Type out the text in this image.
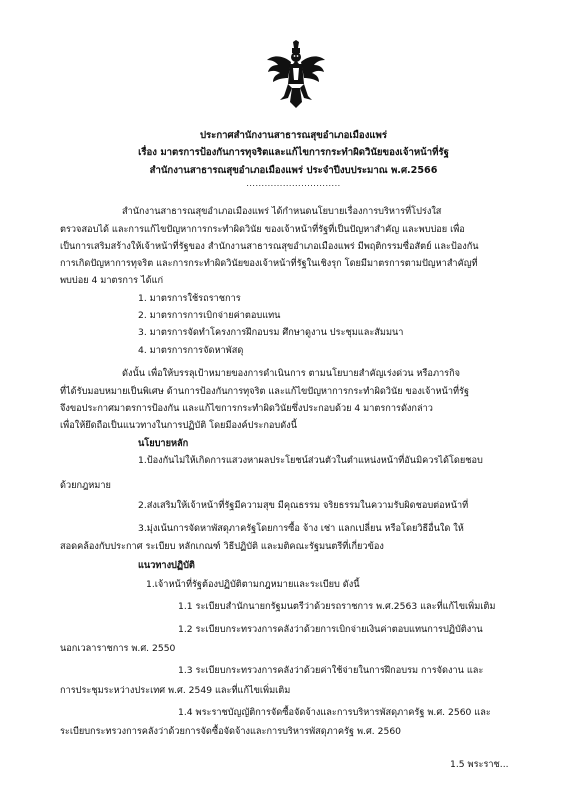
ประกาศสำนักงานสาธารณสุขอำเภอเมืองแพร่
เรื่อง มาตรการป้องกันการทุจริตและแก้ไขการกระทำผิดวินัยของเจ้าหน้าที่รัฐ
สำนักงานสาธารณสุขอำเภอเมืองแพร่ ประจำปีงบประมาณ พ.ศ.2566
...............................
สำนักงานสาธารณสุขอำเภอเมืองแพร่ ได้กำหนดนโยบายเรื่องการบริหารที่โปร่งใส
ตรวจสอบได้ และการแก้ไขปัญหาการกระทำผิดวินัย ของเจ้าหน้าที่รัฐที่เป็นปัญหาสำคัญ และพบบ่อย เพื่อ
เป็นการเสริมสร้างให้เจ้าหน้าที่รัฐของ สำนักงานสาธารณสุขอำเภอเมืองแพร่ มีพฤติกรรมซื่อสัตย์ และป้องกัน
การเกิดปัญหาการทุจริต และการกระทำผิดวินัยของเจ้าหน้าที่รัฐในเชิงรุก โดยมีมาตรการตามปัญหาสำคัญที่
พบบ่อย 4 มาตรการ ได้แก่
1. มาตรการใช้รถราชการ
2. มาตรการการเบิกจ่ายค่าตอบแทน
3. มาตรการจัดทำโครงการฝึกอบรม ศึกษาดูงาน ประชุมและสัมมนา
4. มาตรการการจัดหาพัสดุ
ดังนั้น เพื่อให้บรรลุเป้าหมายของการดำเนินการ ตามนโยบายสำคัญเร่งด่วน หรือภารกิจ
ที่ได้รับมอบหมายเป็นพิเศษ ด้านการป้องกันการทุจริต และแก้ไขปัญหาการกระทำผิดวินัย ของเจ้าหน้าที่รัฐ
จึงขอประกาศมาตรการป้องกัน และแก้ไขการกระทำผิดวินัยซึ่งประกอบด้วย 4 มาตรการดังกล่าว
เพื่อให้ยึดถือเป็นแนวทางในการปฏิบัติ โดยมีองค์ประกอบดังนี้
นโยบายหลัก
1.ป้องกันไม่ให้เกิดการแสวงหาผลประโยชน์ส่วนตัวในตำแหน่งหน้าที่อันมิควรได้โดยชอบ
ด้วยกฎหมาย
2.ส่งเสริมให้เจ้าหน้าที่รัฐมีความสุข มีคุณธรรม จริยธรรมในความรับผิดชอบต่อหน้าที่
3.มุ่งเน้นการจัดหาพัสดุภาครัฐโดยการซื้อ จ้าง เช่า แลกเปลี่ยน หรือโดยวิธีอื่นใด ให้
สอดคล้องกับประกาศ ระเบียบ หลักเกณฑ์ วิธีปฏิบัติ และมติคณะรัฐมนตรีที่เกี่ยวข้อง
แนวทางปฏิบัติ
1.เจ้าหน้าที่รัฐต้องปฏิบัติตามกฎหมายและระเบียบ ดังนี้
1.1 ระเบียบสำนักนายกรัฐมนตรีว่าด้วยรถราชการ พ.ศ.2563 และที่แก้ไขเพิ่มเติม
1.2 ระเบียบกระทรวงการคลังว่าด้วยการเบิกจ่ายเงินค่าตอบแทนการปฏิบัติงาน
นอกเวลาราชการ พ.ศ. 2550
1.3 ระเบียบกระทรวงการคลังว่าด้วยค่าใช้จ่ายในการฝึกอบรม การจัดงาน และ
การประชุมระหว่างประเทศ พ.ศ. 2549 และที่แก้ไขเพิ่มเติม
1.4 พระราชบัญญัติการจัดซื้อจัดจ้างและการบริหารพัสดุภาครัฐ พ.ศ. 2560 และ
ระเบียบกระทรวงการคลังว่าด้วยการจัดซื้อจัดจ้างและการบริหารพัสดุภาครัฐ พ.ศ. 2560
1.5 พระราช...
